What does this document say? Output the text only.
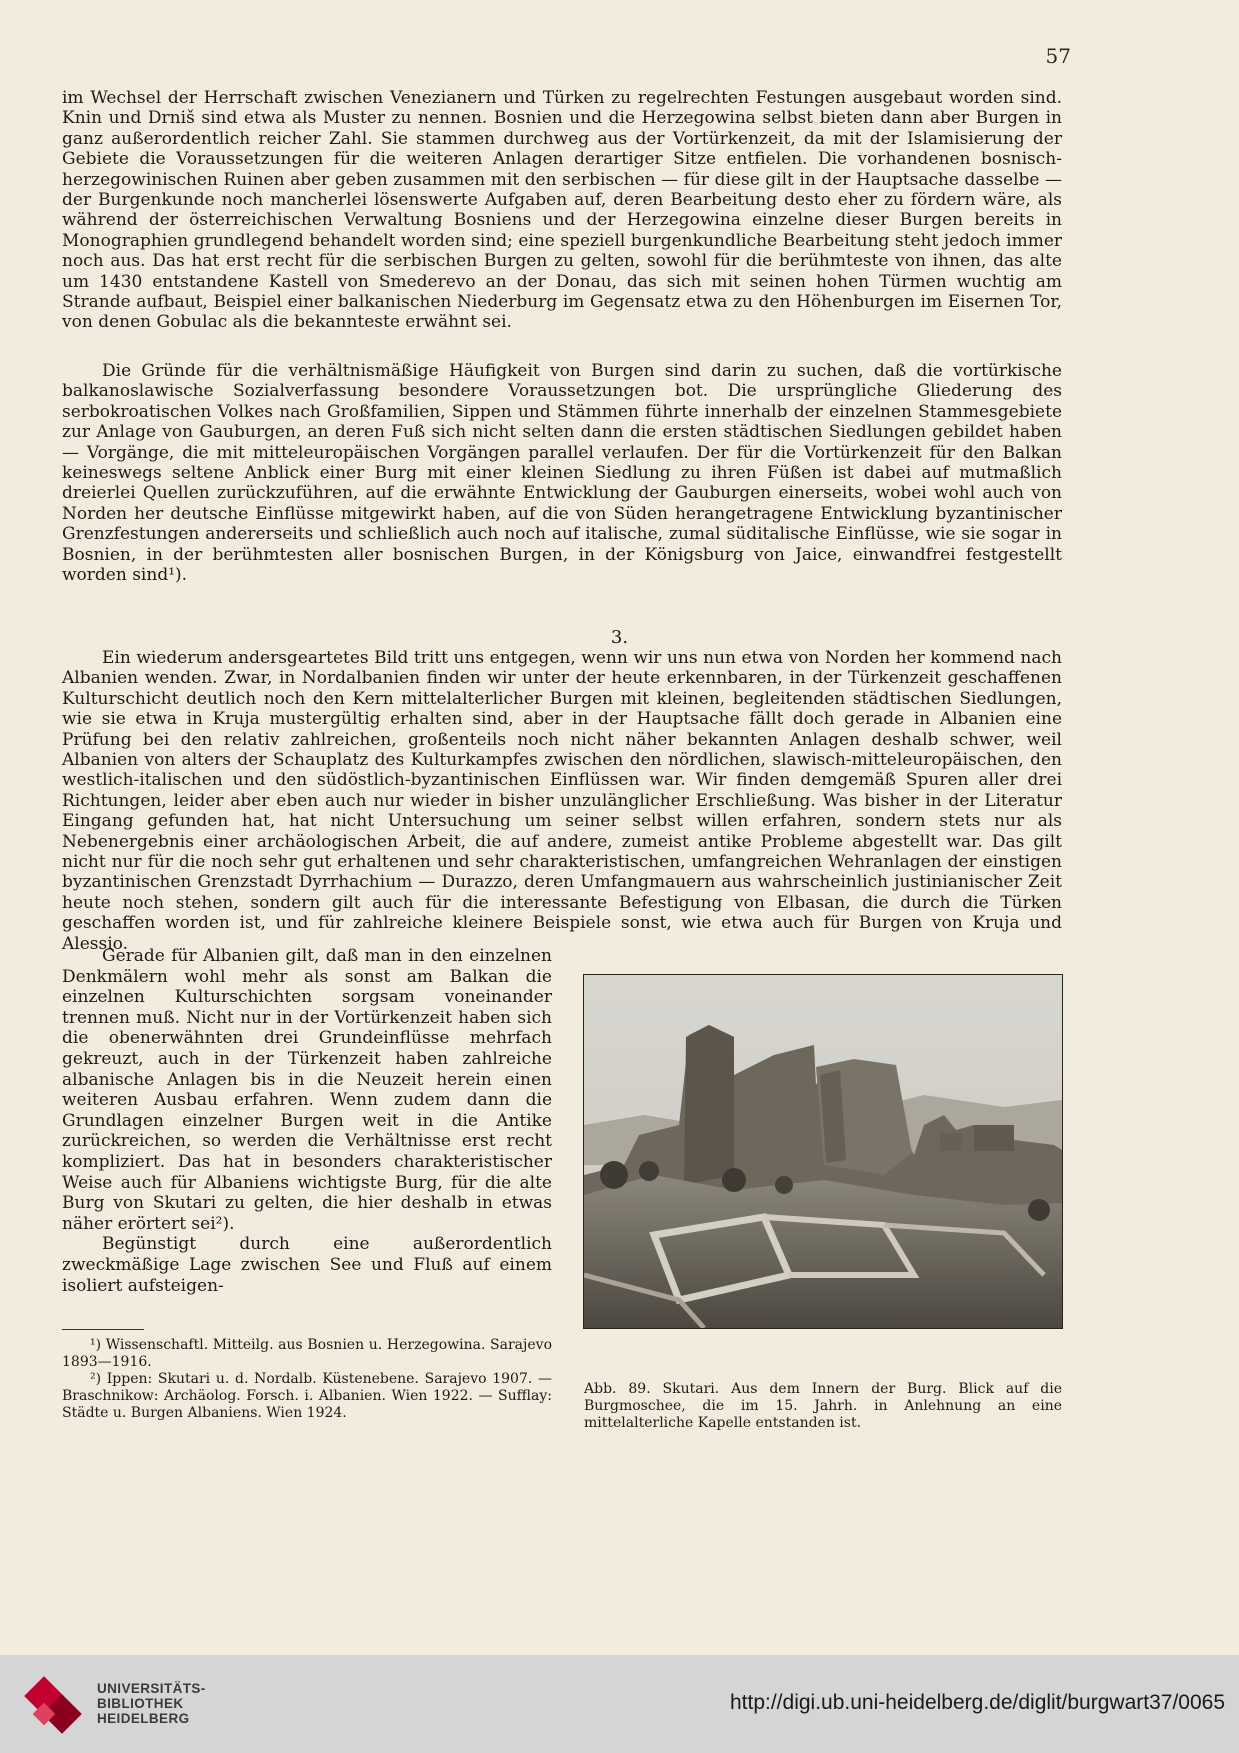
57

im Wechsel der Herrschaft zwischen Venezianern und Türken zu regelrechten Festungen ausgebaut worden sind. Knin und Drniš sind etwa als Muster zu nennen. Bosnien und die Herzegowina selbst bieten dann aber Burgen in ganz außerordentlich reicher Zahl. Sie stammen durchweg aus der Vortürkenzeit, da mit der Islamisierung der Gebiete die Voraussetzungen für die weiteren Anlagen derartiger Sitze entfielen. Die vorhandenen bosnisch-herzegowinischen Ruinen aber geben zusammen mit den serbischen — für diese gilt in der Hauptsache dasselbe — der Burgenkunde noch mancherlei lösenswerte Aufgaben auf, deren Bearbeitung desto eher zu fördern wäre, als während der österreichischen Verwaltung Bosniens und der Herzegowina einzelne dieser Burgen bereits in Monographien grundlegend behandelt worden sind; eine speziell burgenkundliche Bearbeitung steht jedoch immer noch aus. Das hat erst recht für die serbischen Burgen zu gelten, sowohl für die berühmteste von ihnen, das alte um 1430 entstandene Kastell von Smederevo an der Donau, das sich mit seinen hohen Türmen wuchtig am Strande aufbaut, Beispiel einer balkanischen Niederburg im Gegensatz etwa zu den Höhenburgen im Eisernen Tor, von denen Gobulac als die bekannteste erwähnt sei.

Die Gründe für die verhältnismäßige Häufigkeit von Burgen sind darin zu suchen, daß die vortürkische balkanoslawische Sozialverfassung besondere Voraussetzungen bot. Die ursprüngliche Gliederung des serbokroatischen Volkes nach Großfamilien, Sippen und Stämmen führte innerhalb der einzelnen Stammesgebiete zur Anlage von Gauburgen, an deren Fuß sich nicht selten dann die ersten städtischen Siedlungen gebildet haben — Vorgänge, die mit mitteleuropäischen Vorgängen parallel verlaufen. Der für die Vortürkenzeit für den Balkan keineswegs seltene Anblick einer Burg mit einer kleinen Siedlung zu ihren Füßen ist dabei auf mutmaßlich dreierlei Quellen zurückzuführen, auf die erwähnte Entwicklung der Gauburgen einerseits, wobei wohl auch von Norden her deutsche Einflüsse mitgewirkt haben, auf die von Süden herangetragene Entwicklung byzantinischer Grenzfestungen andererseits und schließlich auch noch auf italische, zumal süditalische Einflüsse, wie sie sogar in Bosnien, in der berühmtesten aller bosnischen Burgen, in der Königsburg von Jaice, einwandfrei festgestellt worden sind¹).

3.

Ein wiederum andersgeartetes Bild tritt uns entgegen, wenn wir uns nun etwa von Norden her kommend nach Albanien wenden. Zwar, in Nordalbanien finden wir unter der heute erkennbaren, in der Türkenzeit geschaffenen Kulturschicht deutlich noch den Kern mittelalterlicher Burgen mit kleinen, begleitenden städtischen Siedlungen, wie sie etwa in Kruja mustergültig erhalten sind, aber in der Hauptsache fällt doch gerade in Albanien eine Prüfung bei den relativ zahlreichen, großenteils noch nicht näher bekannten Anlagen deshalb schwer, weil Albanien von alters der Schauplatz des Kulturkampfes zwischen den nördlichen, slawisch-mitteleuropäischen, den westlich-italischen und den südöstlich-byzantinischen Einflüssen war. Wir finden demgemäß Spuren aller drei Richtungen, leider aber eben auch nur wieder in bisher unzulänglicher Erschließung. Was bisher in der Literatur Eingang gefunden hat, hat nicht Untersuchung um seiner selbst willen erfahren, sondern stets nur als Nebenergebnis einer archäologischen Arbeit, die auf andere, zumeist antike Probleme abgestellt war. Das gilt nicht nur für die noch sehr gut erhaltenen und sehr charakteristischen, umfangreichen Wehranlagen der einstigen byzantinischen Grenzstadt Dyrrhachium — Durazzo, deren Umfangmauern aus wahrscheinlich justinianischer Zeit heute noch stehen, sondern gilt auch für die interessante Befestigung von Elbasan, die durch die Türken geschaffen worden ist, und für zahlreiche kleinere Beispiele sonst, wie etwa auch für Burgen von Kruja und Alessio.

Gerade für Albanien gilt, daß man in den einzelnen Denkmälern wohl mehr als sonst am Balkan die einzelnen Kulturschichten sorgsam voneinander trennen muß. Nicht nur in der Vortürkenzeit haben sich die obenerwähnten drei Grundeinflüsse mehrfach gekreuzt, auch in der Türkenzeit haben zahlreiche albanische Anlagen bis in die Neuzeit herein einen weiteren Ausbau erfahren. Wenn zudem dann die Grundlagen einzelner Burgen weit in die Antike zurückreichen, so werden die Verhältnisse erst recht kompliziert. Das hat in besonders charakteristischer Weise auch für Albaniens wichtigste Burg, für die alte Burg von Skutari zu gelten, die hier deshalb in etwas näher erörtert sei²).

Begünstigt durch eine außerordentlich zweckmäßige Lage zwischen See und Fluß auf einem isoliert aufsteigen-

¹) Wissenschaftl. Mitteilg. aus Bosnien u. Herzegowina. Sarajevo 1893—1916.

²) Ippen: Skutari u. d. Nordalb. Küstenebene. Sarajevo 1907. — Braschnikow: Archäolog. Forsch. i. Albanien. Wien 1922. — Sufflay: Städte u. Burgen Albaniens. Wien 1924.

Abb. 89. Skutari. Aus dem Innern der Burg. Blick auf die Burgmoschee, die im 15. Jahrh. in Anlehnung an eine mittelalterliche Kapelle entstanden ist.
UNIVERSITÄTS-
BIBLIOTHEK
HEIDELBERG
http://digi.ub.uni-heidelberg.de/diglit/burgwart37/0065
